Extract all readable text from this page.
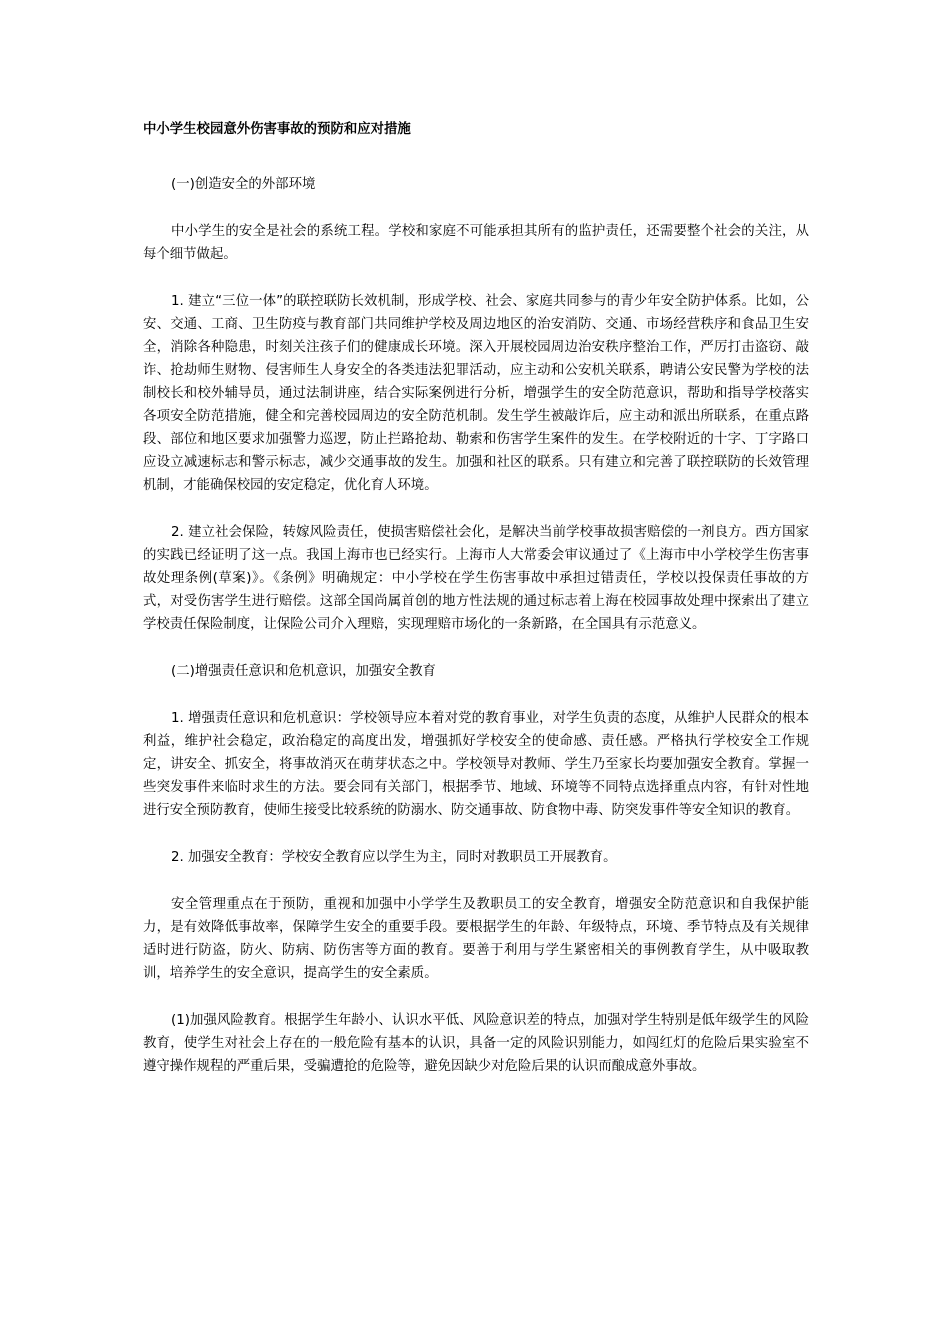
中小学生校园意外伤害事故的预防和应对措施

(一)创造安全的外部环境

中小学生的安全是社会的系统工程。学校和家庭不可能承担其所有的监护责任，还需要整个社会的关注，从每个细节做起。

1. 建立“三位一体”的联控联防长效机制，形成学校、社会、家庭共同参与的青少年安全防护体系。比如，公安、交通、工商、卫生防疫与教育部门共同维护学校及周边地区的治安消防、交通、市场经营秩序和食品卫生安全，消除各种隐患，时刻关注孩子们的健康成长环境。深入开展校园周边治安秩序整治工作，严厉打击盗窃、敲诈、抢劫师生财物、侵害师生人身安全的各类违法犯罪活动，应主动和公安机关联系，聘请公安民警为学校的法制校长和校外辅导员，通过法制讲座，结合实际案例进行分析，增强学生的安全防范意识，帮助和指导学校落实各项安全防范措施，健全和完善校园周边的安全防范机制。发生学生被敲诈后，应主动和派出所联系，在重点路段、部位和地区要求加强警力巡逻，防止拦路抢劫、勒索和伤害学生案件的发生。在学校附近的十字、丁字路口应设立减速标志和警示标志，减少交通事故的发生。加强和社区的联系。只有建立和完善了联控联防的长效管理机制，才能确保校园的安定稳定，优化育人环境。

2. 建立社会保险，转嫁风险责任，使损害赔偿社会化，是解决当前学校事故损害赔偿的一剂良方。西方国家的实践已经证明了这一点。我国上海市也已经实行。上海市人大常委会审议通过了《上海市中小学校学生伤害事故处理条例(草案)》。《条例》明确规定：中小学校在学生伤害事故中承担过错责任，学校以投保责任事故的方式，对受伤害学生进行赔偿。这部全国尚属首创的地方性法规的通过标志着上海在校园事故处理中探索出了建立学校责任保险制度，让保险公司介入理赔，实现理赔市场化的一条新路，在全国具有示范意义。

(二)增强责任意识和危机意识，加强安全教育

1. 增强责任意识和危机意识：学校领导应本着对党的教育事业，对学生负责的态度，从维护人民群众的根本利益，维护社会稳定，政治稳定的高度出发，增强抓好学校安全的使命感、责任感。严格执行学校安全工作规定，讲安全、抓安全，将事故消灭在萌芽状态之中。学校领导对教师、学生乃至家长均要加强安全教育。掌握一些突发事件来临时求生的方法。要会同有关部门，根据季节、地域、环境等不同特点选择重点内容，有针对性地进行安全预防教育，使师生接受比较系统的防溺水、防交通事故、防食物中毒、防突发事件等安全知识的教育。

2. 加强安全教育：学校安全教育应以学生为主，同时对教职员工开展教育。

安全管理重点在于预防，重视和加强中小学学生及教职员工的安全教育，增强安全防范意识和自我保护能力，是有效降低事故率，保障学生安全的重要手段。要根据学生的年龄、年级特点，环境、季节特点及有关规律适时进行防盗，防火、防病、防伤害等方面的教育。要善于利用与学生紧密相关的事例教育学生，从中吸取教训，培养学生的安全意识，提高学生的安全素质。

(1)加强风险教育。根据学生年龄小、认识水平低、风险意识差的特点，加强对学生特别是低年级学生的风险教育，使学生对社会上存在的一般危险有基本的认识，具备一定的风险识别能力，如闯红灯的危险后果实验室不遵守操作规程的严重后果，受骗遭抢的危险等，避免因缺少对危险后果的认识而酿成意外事故。
